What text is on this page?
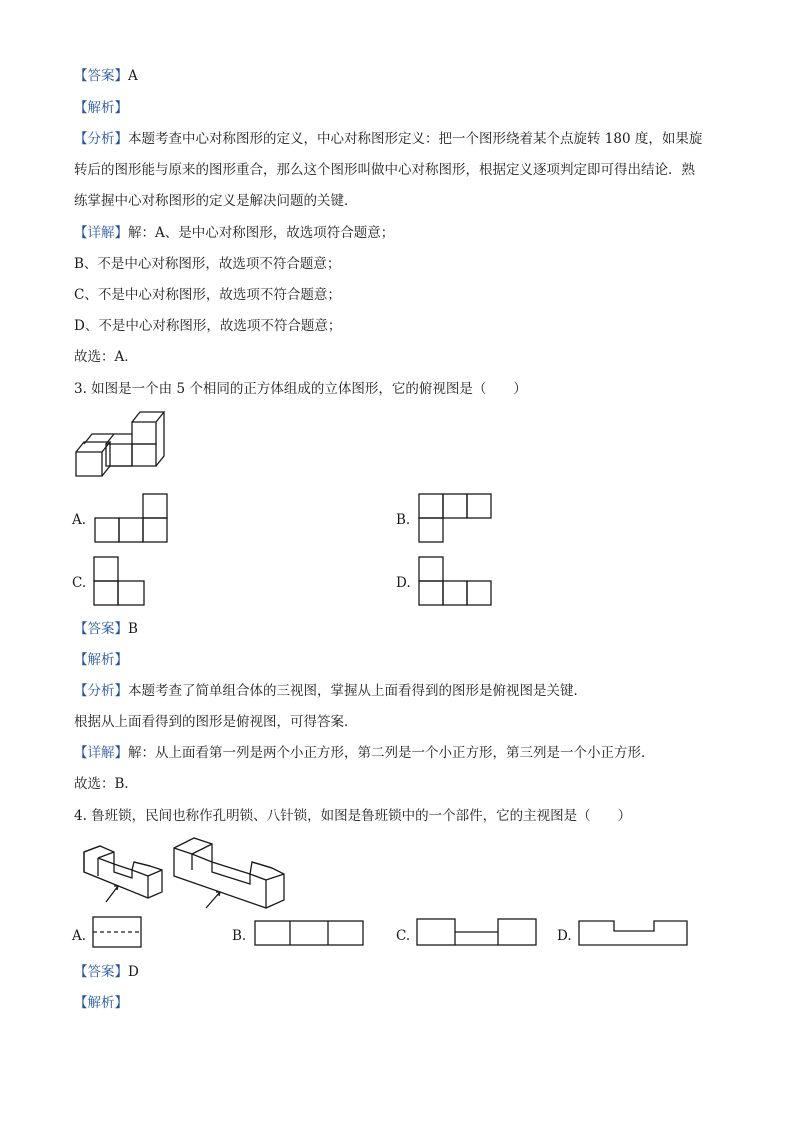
【答案】A
【解析】
【分析】本题考查中心对称图形的定义，中心对称图形定义：把一个图形绕着某个点旋转 180 度，如果旋
转后的图形能与原来的图形重合，那么这个图形叫做中心对称图形，根据定义逐项判定即可得出结论．熟
练掌握中心对称图形的定义是解决问题的关键．
【详解】解：A、是中心对称图形，故选项符合题意；
B、不是中心对称图形，故选项不符合题意；
C、不是中心对称图形，故选项不符合题意；
D、不是中心对称图形，故选项不符合题意；
故选：A．
3. 如图是一个由 5 个相同的正方体组成的立体图形，它的俯视图是（　　）
A.	B.
C.	D.
【答案】B
【解析】
【分析】本题考查了简单组合体的三视图，掌握从上面看得到的图形是俯视图是关键．
根据从上面看得到的图形是俯视图，可得答案．
【详解】解：从上面看第一列是两个小正方形，第二列是一个小正方形，第三列是一个小正方形．
故选：B．
4. 鲁班锁，民间也称作孔明锁、八针锁，如图是鲁班锁中的一个部件，它的主视图是（　　）
A.	B.	C.	D.
【答案】D
【解析】
